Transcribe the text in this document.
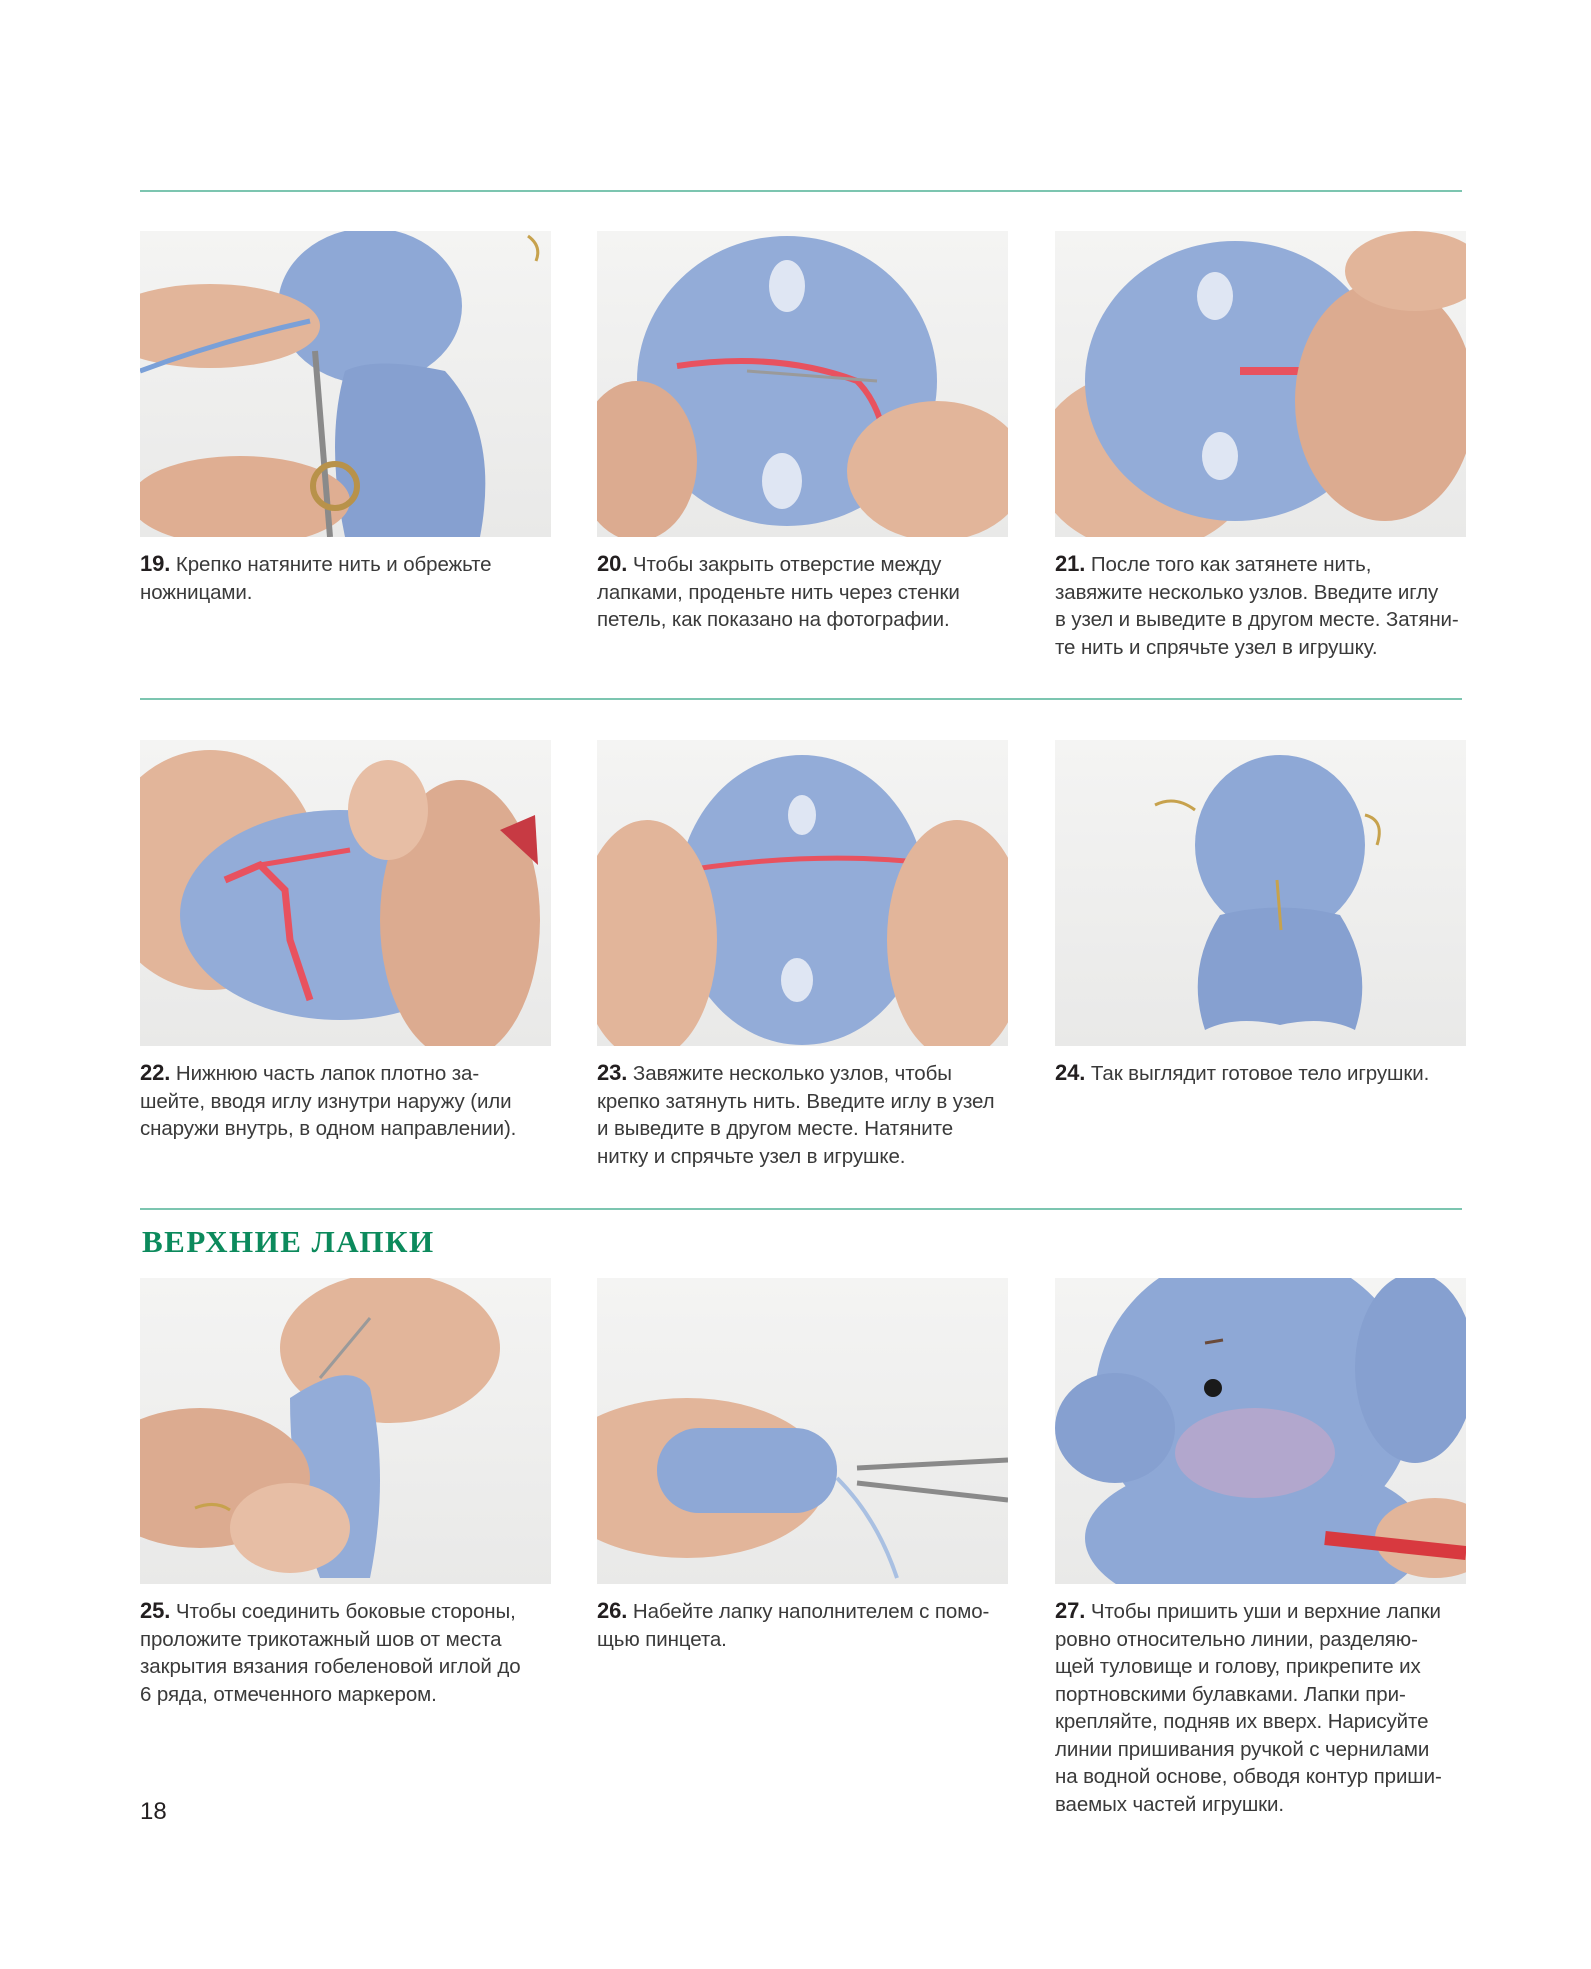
19. Крепко натяните нить и обрежьте
ножницами.
20. Чтобы закрыть отверстие между
лапками, проденьте нить через стенки
петель, как показано на фотографии.
21. После того как затянете нить,
завяжите несколько узлов. Введите иглу
в узел и выведите в другом месте. Затяни-
те нить и спрячьте узел в игрушку.
22. Нижнюю часть лапок плотно за-
шейте, вводя иглу изнутри наружу (или
снаружи внутрь, в одном направлении).
23. Завяжите несколько узлов, чтобы
крепко затянуть нить. Введите иглу в узел
и выведите в другом месте. Натяните
нитку и спрячьте узел в игрушке.
24. Так выглядит готовое тело игрушки.
ВЕРХНИЕ ЛАПКИ
25. Чтобы соединить боковые стороны,
проложите трикотажный шов от места
закрытия вязания гобеленовой иглой до
6 ряда, отмеченного маркером.
26. Набейте лапку наполнителем с помо-
щью пинцета.
27. Чтобы пришить уши и верхние лапки
ровно относительно линии, разделяю-
щей туловище и голову, прикрепите их
портновскими булавками. Лапки при-
крепляйте, подняв их вверх. Нарисуйте
линии пришивания ручкой с чернилами
на водной основе, обводя контур приши-
ваемых частей игрушки.
18
